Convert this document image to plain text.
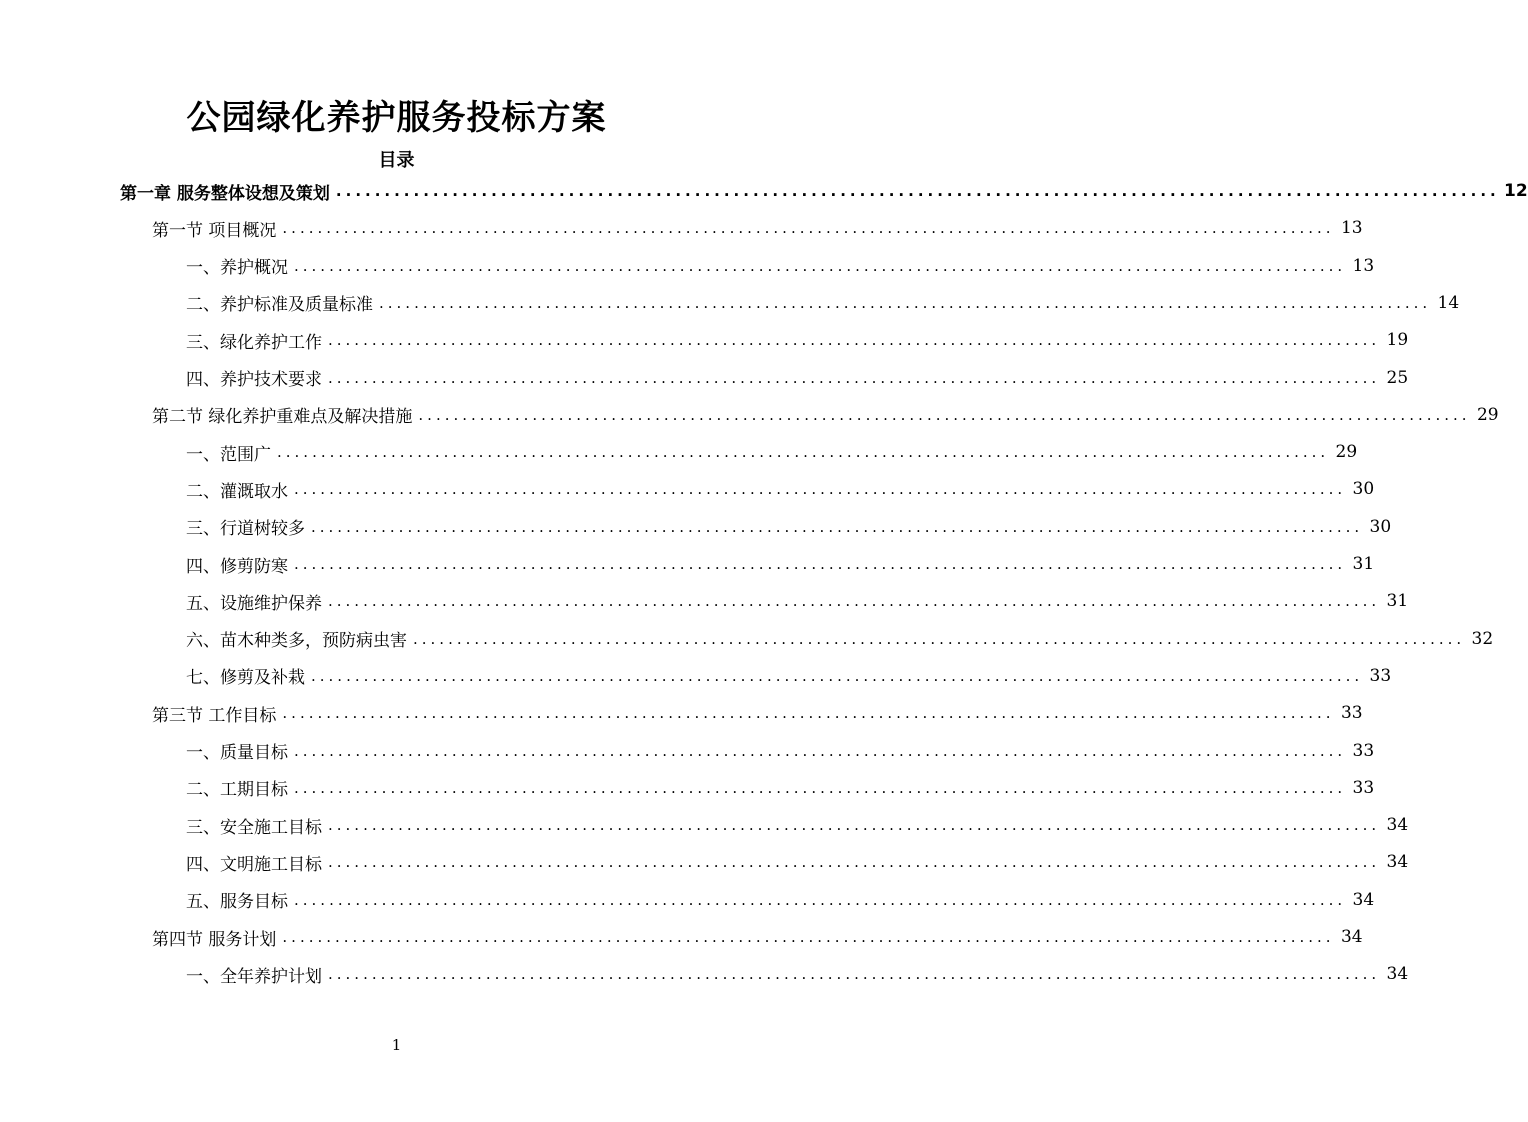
公园绿化养护服务投标方案
目录
第一章 服务整体设想及策划 ........................................................................................................................ 12
第一节 项目概况 ........................................................................................................................ 13
一、养护概况 ........................................................................................................................ 13
二、养护标准及质量标准 ........................................................................................................................ 14
三、绿化养护工作 ........................................................................................................................ 19
四、养护技术要求 ........................................................................................................................ 25
第二节 绿化养护重难点及解决措施 ........................................................................................................................ 29
一、范围广 ........................................................................................................................ 29
二、灌溉取水 ........................................................................................................................ 30
三、行道树较多 ........................................................................................................................ 30
四、修剪防寒 ........................................................................................................................ 31
五、设施维护保养 ........................................................................................................................ 31
六、苗木种类多，预防病虫害 ........................................................................................................................ 32
七、修剪及补栽 ........................................................................................................................ 33
第三节 工作目标 ........................................................................................................................ 33
一、质量目标 ........................................................................................................................ 33
二、工期目标 ........................................................................................................................ 33
三、安全施工目标 ........................................................................................................................ 34
四、文明施工目标 ........................................................................................................................ 34
五、服务目标 ........................................................................................................................ 34
第四节 服务计划 ........................................................................................................................ 34
一、全年养护计划 ........................................................................................................................ 34
1
